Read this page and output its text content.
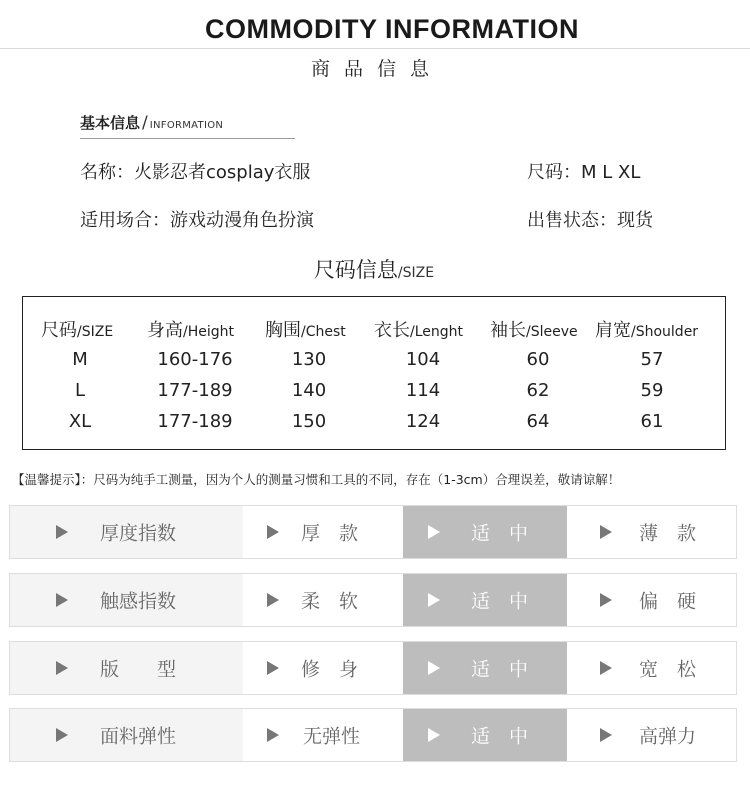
COMMODITY INFORMATION
商品信息
基本信息 / INFORMATION
名称：火影忍者cosplay衣服	尺码：M L XL
适用场合：游戏动漫角色扮演	出售状态：现货
尺码信息/SIZE
尺码/SIZE 身高/Height 胸围/Chest 衣长/Lenght 袖长/Sleeve 肩宽/Shoulder
M	160-176	130	104	60	57
L	177-189	140	114	62	59
XL	177-189	150	124	64	61
【温馨提示】：尺码为纯手工测量，因为个人的测量习惯和工具的不同，存在（1-3cm）合理误差，敬请谅解！
厚度指数	厚　款	适　中	薄　款
触感指数	柔　软	适　中	偏　硬
版　　型	修　身	适　中	宽　松
面料弹性	无弹性	适　中	高弹力
